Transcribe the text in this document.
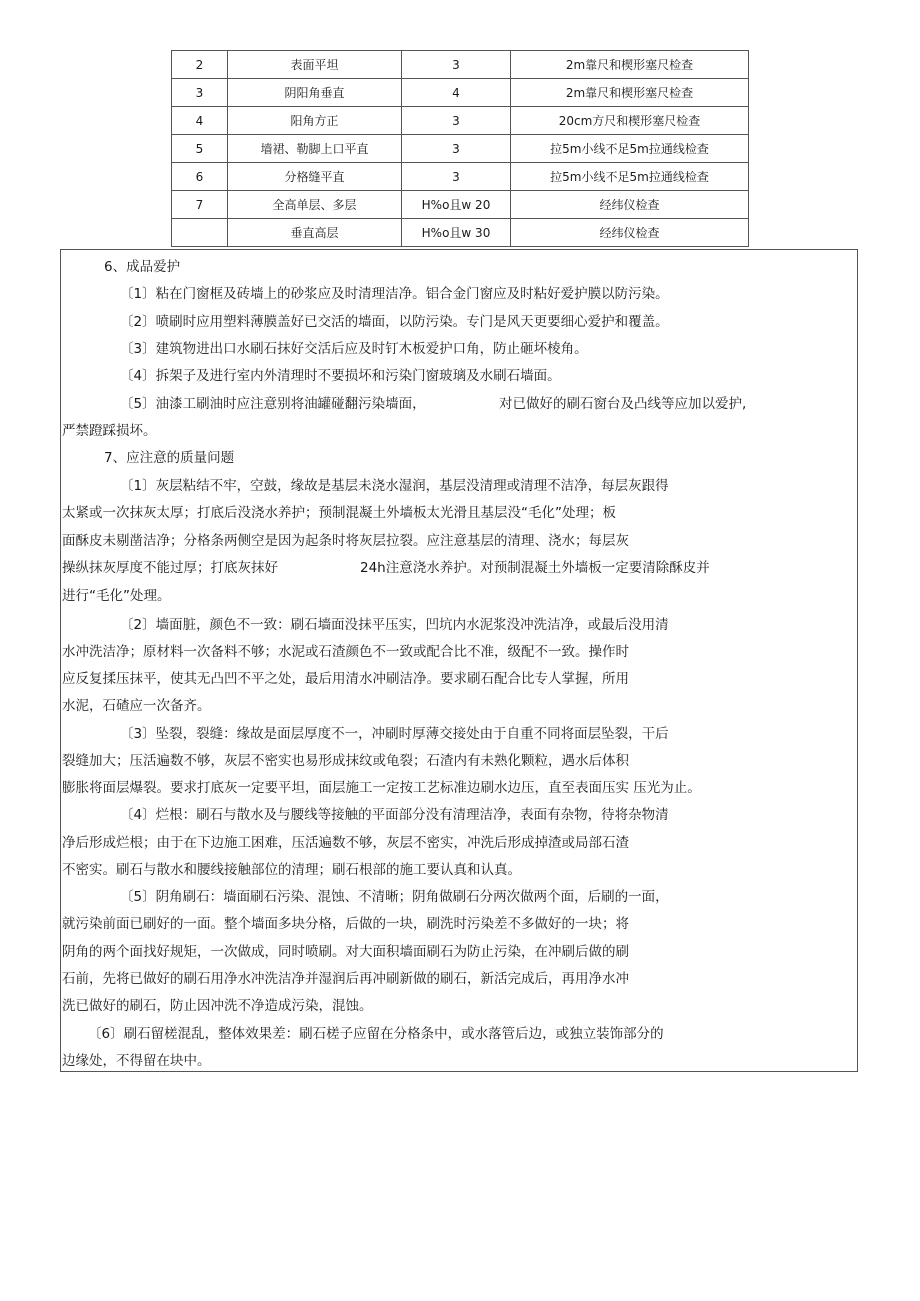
2	表面平坦	3	2m靠尺和楔形塞尺检查
3	阴阳角垂直	4	2m靠尺和楔形塞尺检查
4	阳角方正	3	20cm方尺和楔形塞尺检查
5	墙裙、勒脚上口平直	3	拉5m小线不足5m拉通线检查
6	分格缝平直	3	拉5m小线不足5m拉通线检查
7	全高单层、多层	H%o且w 20	经纬仪检查
	垂直高层	H%o且w 30	经纬仪检查
6、成品爱护
〔1〕粘在门窗框及砖墙上的砂浆应及时清理洁净。铝合金门窗应及时粘好爱护膜以防污染。
〔2〕喷刷时应用塑料薄膜盖好已交活的墙面，以防污染。专门是风天更要细心爱护和覆盖。
〔3〕建筑物进出口水刷石抹好交活后应及时钉木板爱护口角，防止砸坏棱角。
〔4〕拆架子及进行室内外清理时不要损坏和污染门窗玻璃及水刷石墙面。
〔5〕油漆工刷油时应注意别将油罐碰翻污染墙面，	对已做好的刷石窗台及凸线等应加以爱护,
严禁蹬踩损坏。
7、应注意的质量问题
〔1〕灰层粘结不牢，空鼓，缘故是基层未浇水湿润，基层没清理或清理不洁净，每层灰跟得
太紧或一次抹灰太厚；打底后没浇水养护；预制混凝土外墙板太光滑且基层没“毛化”处理；板
面酥皮未剔凿洁净；分格条两侧空是因为起条时将灰层拉裂。应注意基层的清理、浇水；每层灰
操纵抹灰厚度不能过厚；打底灰抹好	24h注意浇水养护。对预制混凝土外墙板一定要清除酥皮并
进行“毛化”处理。
〔2〕墙面脏，颜色不一致：刷石墙面没抹平压实，凹坑内水泥浆没冲洗洁净，或最后没用清
水冲洗洁净；原材料一次备料不够；水泥或石渣颜色不一致或配合比不准，级配不一致。操作时
应反复揉压抹平，使其无凸凹不平之处，最后用清水冲刷洁净。要求刷石配合比专人掌握，所用
水泥，石碴应一次备齐。
〔3〕坠裂，裂缝：缘故是面层厚度不一，冲刷时厚薄交接处由于自重不同将面层坠裂，干后
裂缝加大；压活遍数不够，灰层不密实也易形成抹纹或龟裂；石渣内有未熟化颗粒，遇水后体积
膨胀将面层爆裂。要求打底灰一定要平坦，面层施工一定按工艺标准边刷水边压，直至表面压实 压光为止。
〔4〕烂根：刷石与散水及与腰线等接触的平面部分没有清理洁净，表面有杂物，待将杂物清
净后形成烂根；由于在下边施工困难，压活遍数不够，灰层不密实，冲洗后形成掉渣或局部石渣
不密实。刷石与散水和腰线接触部位的清理；刷石根部的施工要认真和认真。
〔5〕阴角刷石：墙面刷石污染、混蚀、不清晰；阴角做刷石分两次做两个面，后刷的一面，
就污染前面已刷好的一面。整个墙面多块分格，后做的一块，刷洗时污染差不多做好的一块；将
阴角的两个面找好规矩，一次做成，同时喷刷。对大面积墙面刷石为防止污染，在冲刷后做的刷
石前，先将已做好的刷石用净水冲洗洁净并湿润后再冲刷新做的刷石，新活完成后，再用净水冲
洗已做好的刷石，防止因冲洗不净造成污染，混蚀。
〔6〕刷石留槎混乱，整体效果差：刷石槎子应留在分格条中，或水落管后边，或独立装饰部分的
边缘处，不得留在块中。
